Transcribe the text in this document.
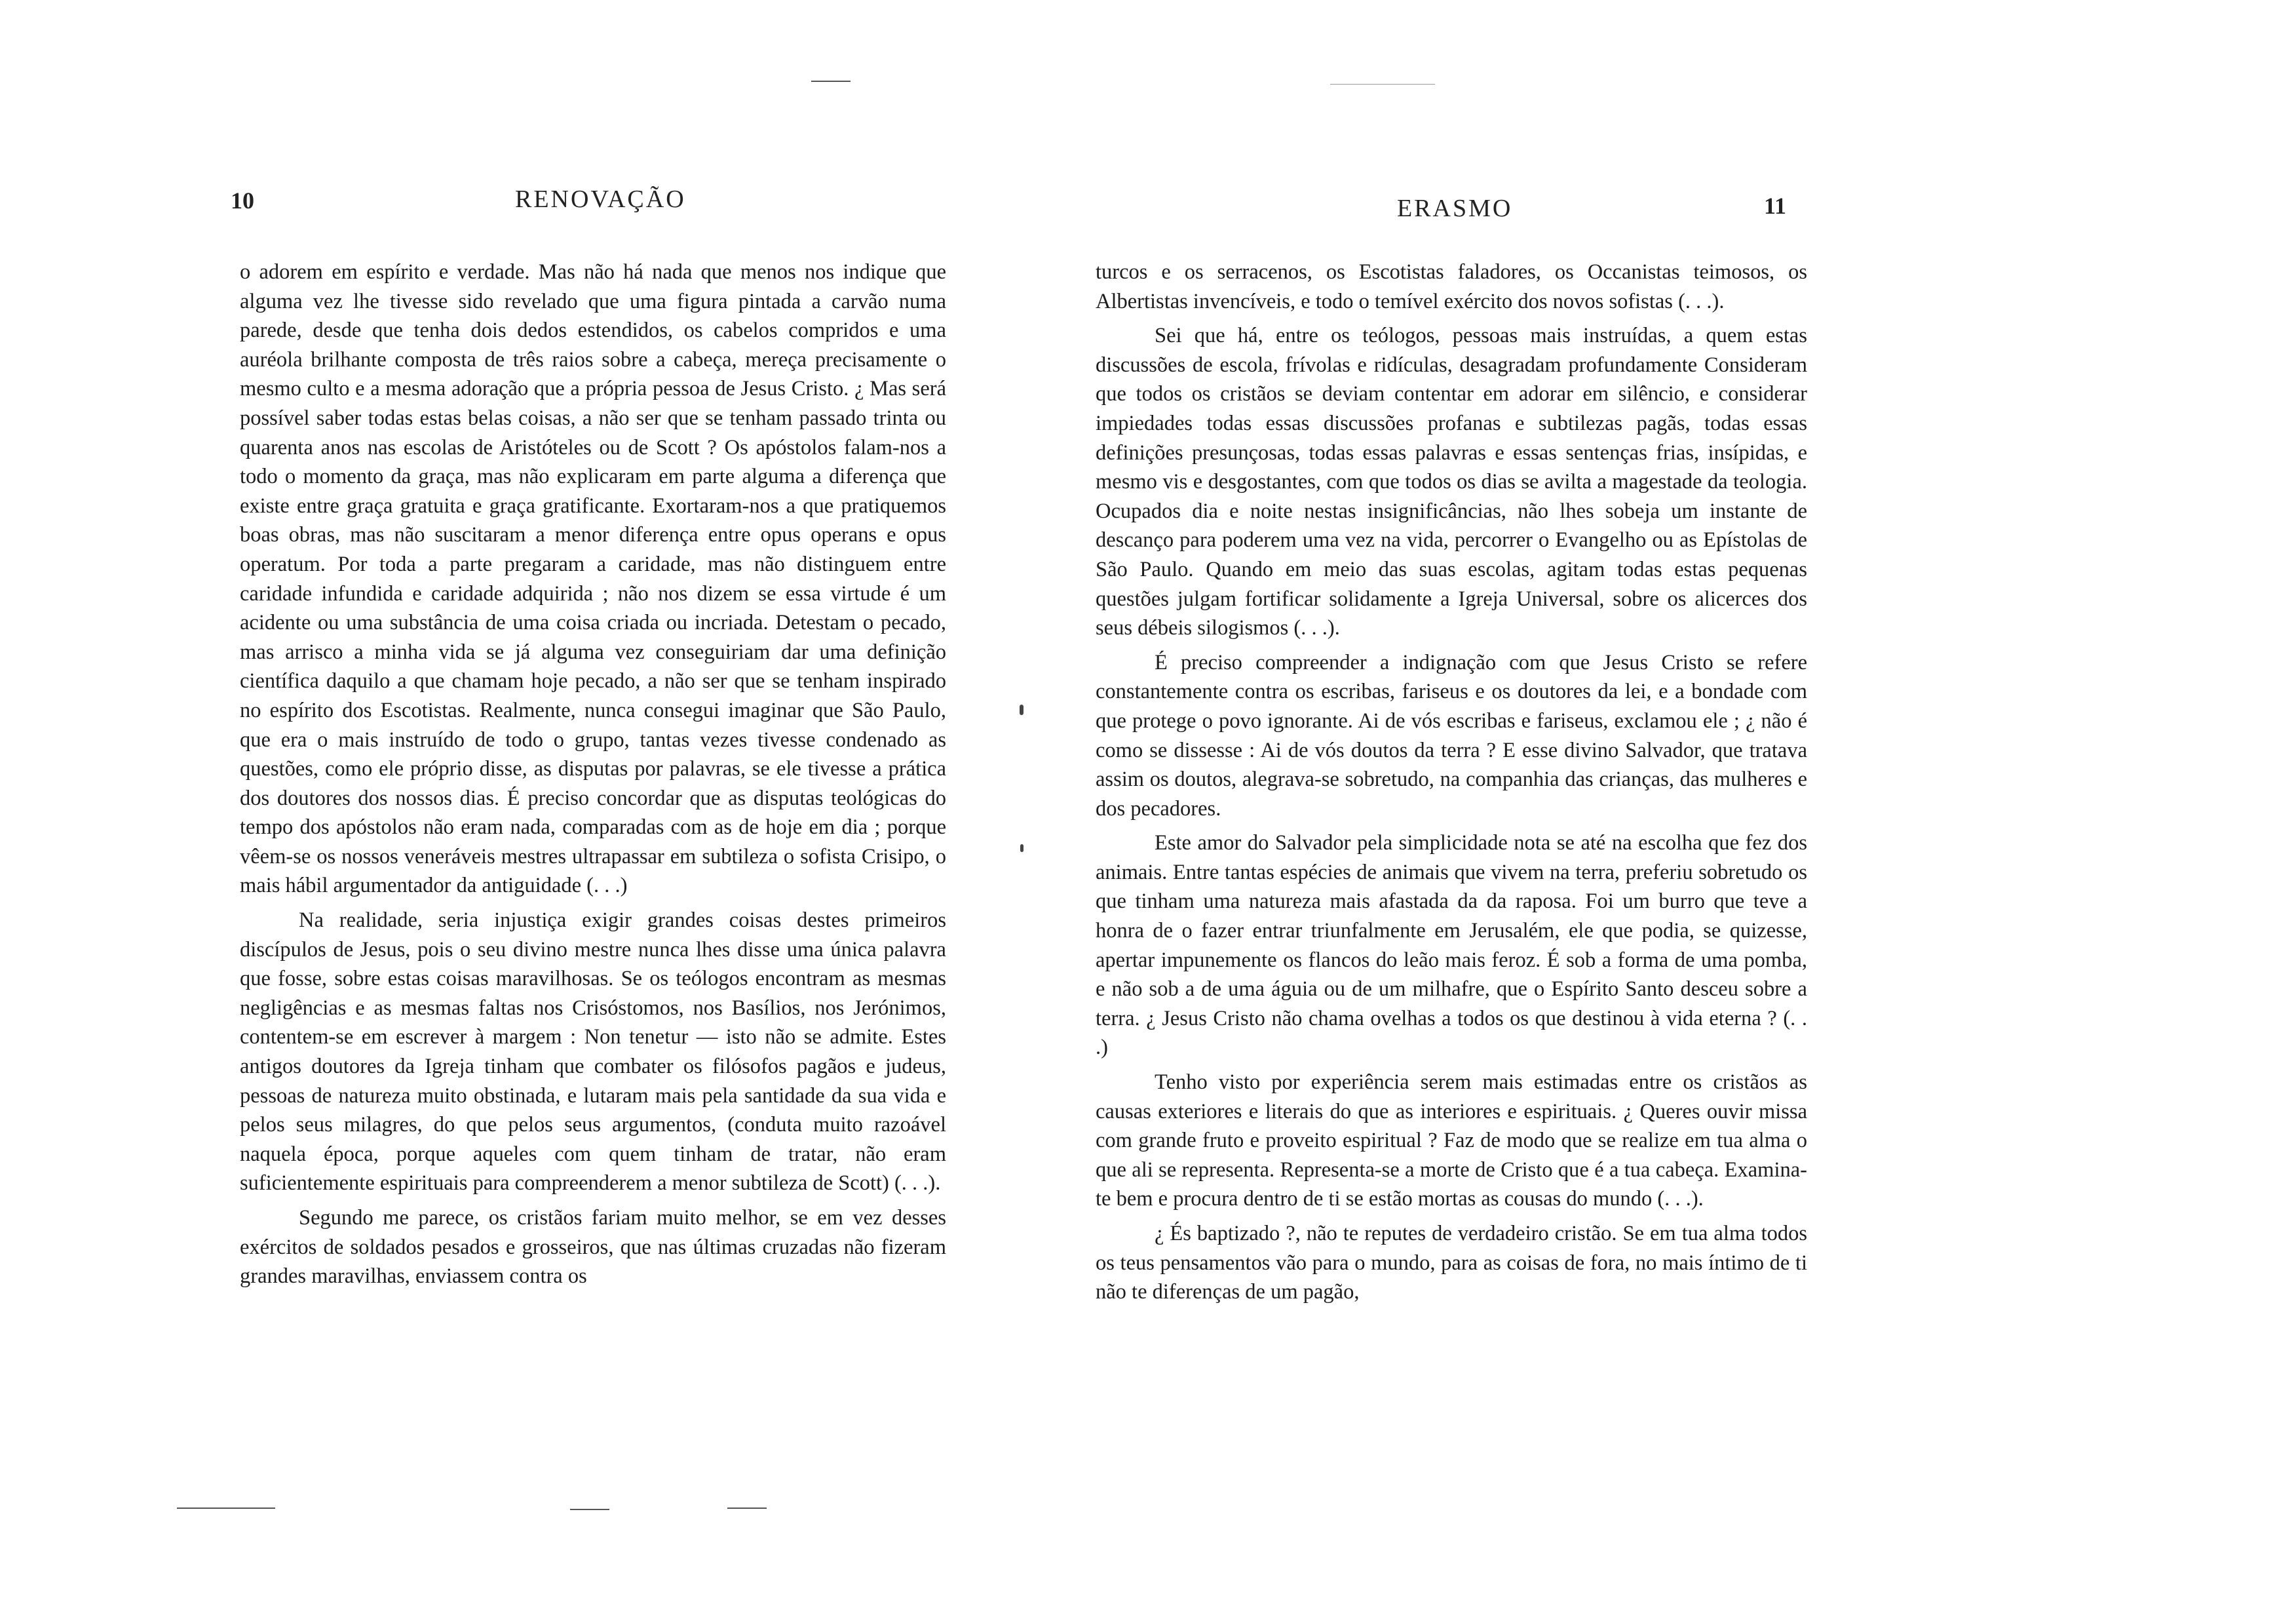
10	RENOVAÇÃO

o adorem em espírito e verdade. Mas não há nada que menos nos indique que alguma vez lhe tivesse sido revelado que uma figura pintada a carvão numa parede, desde que tenha dois dedos estendidos, os cabelos compridos e uma auréola brilhante composta de três raios sobre a cabeça, mereça precisamente o mesmo culto e a mesma adoração que a própria pessoa de Jesus Cristo. ¿ Mas será possível saber todas estas belas coisas, a não ser que se tenham passado trinta ou quarenta anos nas escolas de Aristóteles ou de Scott ? Os apóstolos falam-nos a todo o momento da graça, mas não explicaram em parte alguma a diferença que existe entre graça gratuita e graça gratificante. Exortaram-nos a que pratiquemos boas obras, mas não suscitaram a menor diferença entre opus operans e opus operatum. Por toda a parte pregaram a caridade, mas não distinguem entre caridade infundida e caridade adquirida ; não nos dizem se essa virtude é um acidente ou uma substância de uma coisa criada ou incriada. Detestam o pecado, mas arrisco a minha vida se já alguma vez conseguiriam dar uma definição científica daquilo a que chamam hoje pecado, a não ser que se tenham inspirado no espírito dos Escotistas. Realmente, nunca consegui imaginar que São Paulo, que era o mais instruído de todo o grupo, tantas vezes tivesse condenado as questões, como ele próprio disse, as disputas por palavras, se ele tivesse a prática dos doutores dos nossos dias. É preciso concordar que as disputas teológicas do tempo dos apóstolos não eram nada, comparadas com as de hoje em dia ; porque vêem-se os nossos veneráveis mestres ultrapassar em subtileza o sofista Crisipo, o mais hábil argumentador da antiguidade (. . .)

Na realidade, seria injustiça exigir grandes coisas destes primeiros discípulos de Jesus, pois o seu divino mestre nunca lhes disse uma única palavra que fosse, sobre estas coisas maravilhosas. Se os teólogos encontram as mesmas negligências e as mesmas faltas nos Crisóstomos, nos Basílios, nos Jerónimos, contentem-se em escrever à margem : Non tenetur — isto não se admite. Estes antigos doutores da Igreja tinham que combater os filósofos pagãos e judeus, pessoas de natureza muito obstinada, e lutaram mais pela santidade da sua vida e pelos seus milagres, do que pelos seus argumentos, (conduta muito razoável naquela época, porque aqueles com quem tinham de tratar, não eram suficientemente espirituais para compreenderem a menor subtileza de Scott) (. . .).

Segundo me parece, os cristãos fariam muito melhor, se em vez desses exércitos de soldados pesados e grosseiros, que nas últimas cruzadas não fizeram grandes maravilhas, enviassem contra os

ERASMO	11

turcos e os serracenos, os Escotistas faladores, os Occanistas teimosos, os Albertistas invencíveis, e todo o temível exército dos novos sofistas (. . .).

Sei que há, entre os teólogos, pessoas mais instruídas, a quem estas discussões de escola, frívolas e ridículas, desagradam profundamente Consideram que todos os cristãos se deviam contentar em adorar em silêncio, e considerar impiedades todas essas discussões profanas e subtilezas pagãs, todas essas definições presunçosas, todas essas palavras e essas sentenças frias, insípidas, e mesmo vis e desgostantes, com que todos os dias se avilta a magestade da teologia. Ocupados dia e noite nestas insignificâncias, não lhes sobeja um instante de descanço para poderem uma vez na vida, percorrer o Evangelho ou as Epístolas de São Paulo. Quando em meio das suas escolas, agitam todas estas pequenas questões julgam fortificar solidamente a Igreja Universal, sobre os alicerces dos seus débeis silogismos (. . .).

É preciso compreender a indignação com que Jesus Cristo se refere constantemente contra os escribas, fariseus e os doutores da lei, e a bondade com que protege o povo ignorante. Ai de vós escribas e fariseus, exclamou ele ; ¿ não é como se dissesse : Ai de vós doutos da terra ? E esse divino Salvador, que tratava assim os doutos, alegrava-se sobretudo, na companhia das crianças, das mulheres e dos pecadores.

Este amor do Salvador pela simplicidade nota se até na escolha que fez dos animais. Entre tantas espécies de animais que vivem na terra, preferiu sobretudo os que tinham uma natureza mais afastada da da raposa. Foi um burro que teve a honra de o fazer entrar triunfalmente em Jerusalém, ele que podia, se quizesse, apertar impunemente os flancos do leão mais feroz. É sob a forma de uma pomba, e não sob a de uma águia ou de um milhafre, que o Espírito Santo desceu sobre a terra. ¿ Jesus Cristo não chama ovelhas a todos os que destinou à vida eterna ? (. . .)

Tenho visto por experiência serem mais estimadas entre os cristãos as causas exteriores e literais do que as interiores e espirituais. ¿ Queres ouvir missa com grande fruto e proveito espiritual ? Faz de modo que se realize em tua alma o que ali se representa. Representa-se a morte de Cristo que é a tua cabeça. Examina-te bem e procura dentro de ti se estão mortas as cousas do mundo (. . .).

¿ És baptizado ?, não te reputes de verdadeiro cristão. Se em tua alma todos os teus pensamentos vão para o mundo, para as coisas de fora, no mais íntimo de ti não te diferenças de um pagão,
